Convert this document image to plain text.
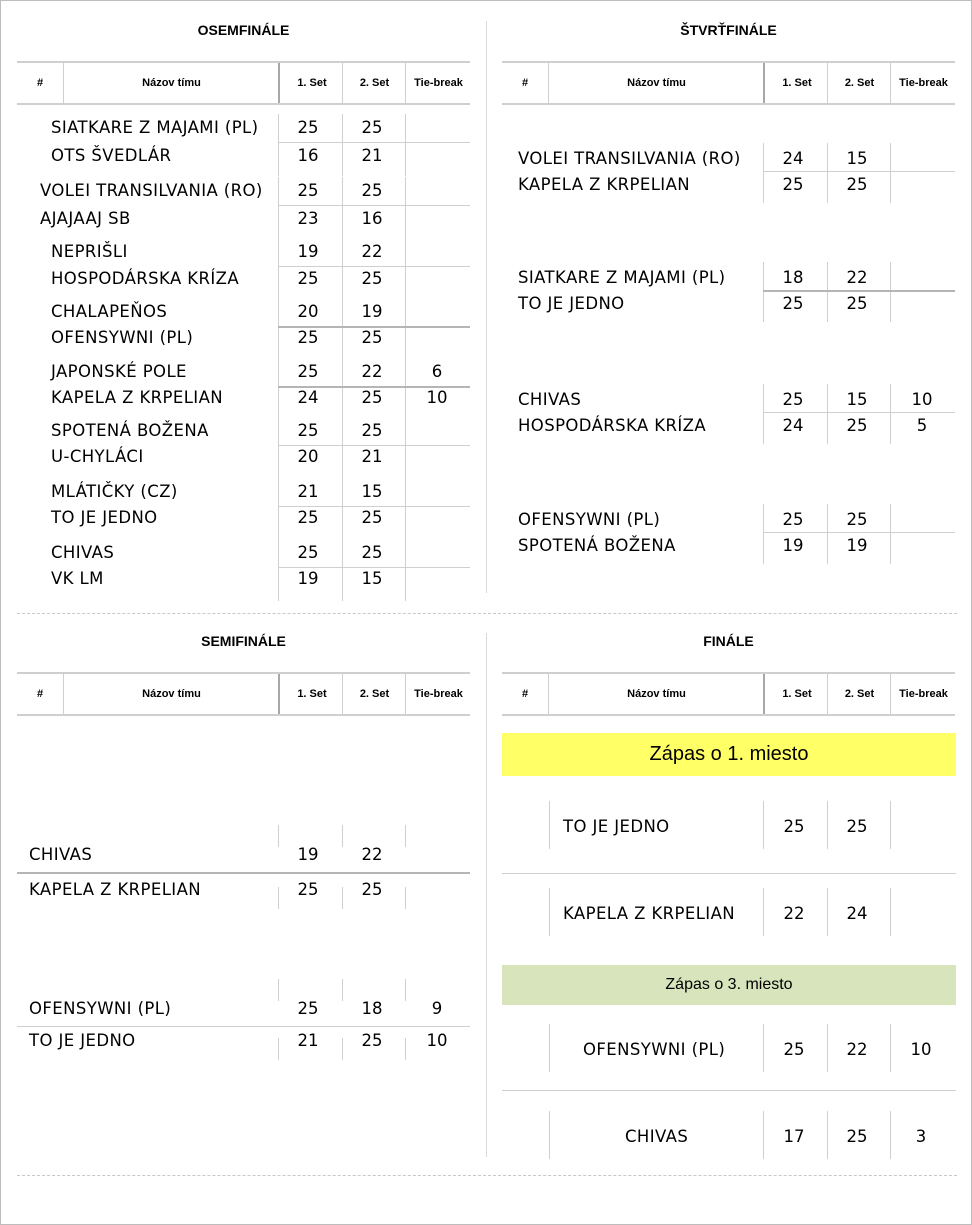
OSEMFINÁLE
#	Názov tímu	1. Set	2. Set	Tie-break
ŠTVRŤFINÁLE
#	Názov tímu	1. Set	2. Set	Tie-break
SEMIFINÁLE
#	Názov tímu	1. Set	2. Set	Tie-break
FINÁLE
#	Názov tímu	1. Set	2. Set	Tie-break
SIATKARE Z MAJAMI (PL)	25	25
OTS ŠVEDLÁR	16	21
VOLEI TRANSILVANIA (RO)	25	25
AJAJAAJ SB	23	16
NEPRIŠLI	19	22
HOSPODÁRSKA KRÍZA	25	25
CHALAPEŇOS	20	19
OFENSYWNI (PL)	25	25
JAPONSKÉ POLE	25	22	6
KAPELA Z KRPELIAN	24	25	10
SPOTENÁ BOŽENA	25	25
U-CHYLÁCI	20	21
MLÁTIČKY (CZ)	21	15
TO JE JEDNO	25	25
CHIVAS	25	25
VK LM	19	15
VOLEI TRANSILVANIA (RO)	24	15
KAPELA Z KRPELIAN	25	25
SIATKARE Z MAJAMI (PL)	18	22
TO JE JEDNO	25	25
CHIVAS	25	15	10
HOSPODÁRSKA KRÍZA	24	25	5
OFENSYWNI (PL)	25	25
SPOTENÁ BOŽENA	19	19
CHIVAS	19	22
KAPELA Z KRPELIAN	25	25
OFENSYWNI (PL)	25	18	9
TO JE JEDNO	21	25	10
Zápas o 1. miesto
Zápas o 3. miesto
TO JE JEDNO	25	25
KAPELA Z KRPELIAN	22	24
OFENSYWNI (PL)	25	22	10
CHIVAS	17	25	3
